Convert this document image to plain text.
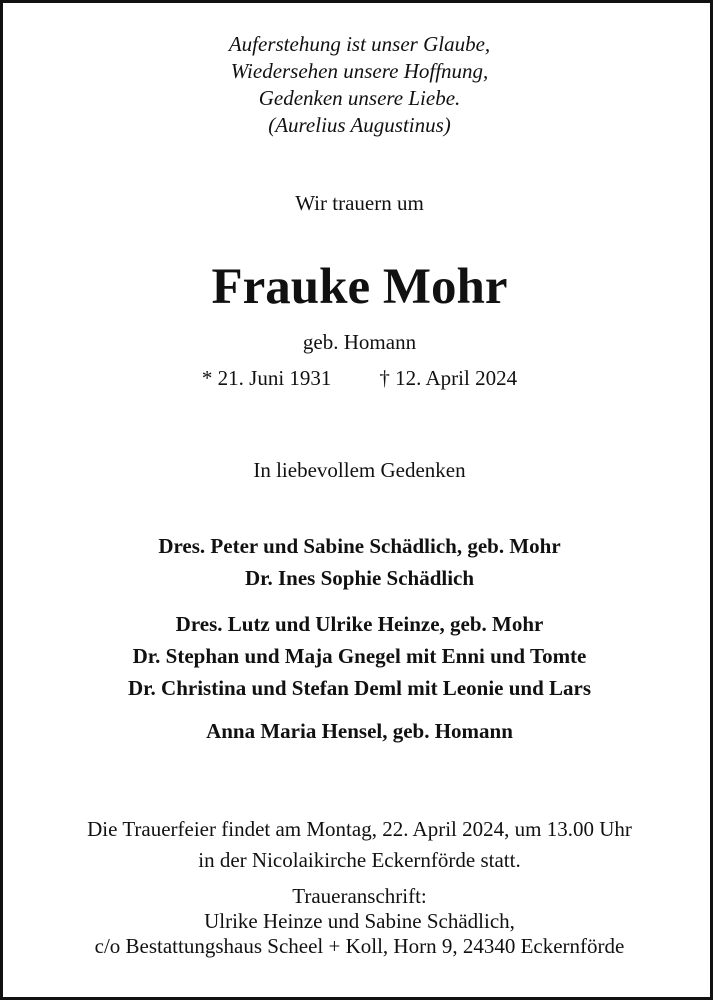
Auferstehung ist unser Glaube,
Wiedersehen unsere Hoffnung,
Gedenken unsere Liebe.
(Aurelius Augustinus)
Wir trauern um
Frauke Mohr
geb. Homann
* 21. Juni 1931 † 12. April 2024
In liebevollem Gedenken
Dres. Peter und Sabine Schädlich, geb. Mohr
Dr. Ines Sophie Schädlich
Dres. Lutz und Ulrike Heinze, geb. Mohr
Dr. Stephan und Maja Gnegel mit Enni und Tomte
Dr. Christina und Stefan Deml mit Leonie und Lars
Anna Maria Hensel, geb. Homann
Die Trauerfeier findet am Montag, 22. April 2024, um 13.00 Uhr
in der Nicolaikirche Eckernförde statt.
Traueranschrift:
Ulrike Heinze und Sabine Schädlich,
c/o Bestattungshaus Scheel + Koll, Horn 9, 24340 Eckernförde
